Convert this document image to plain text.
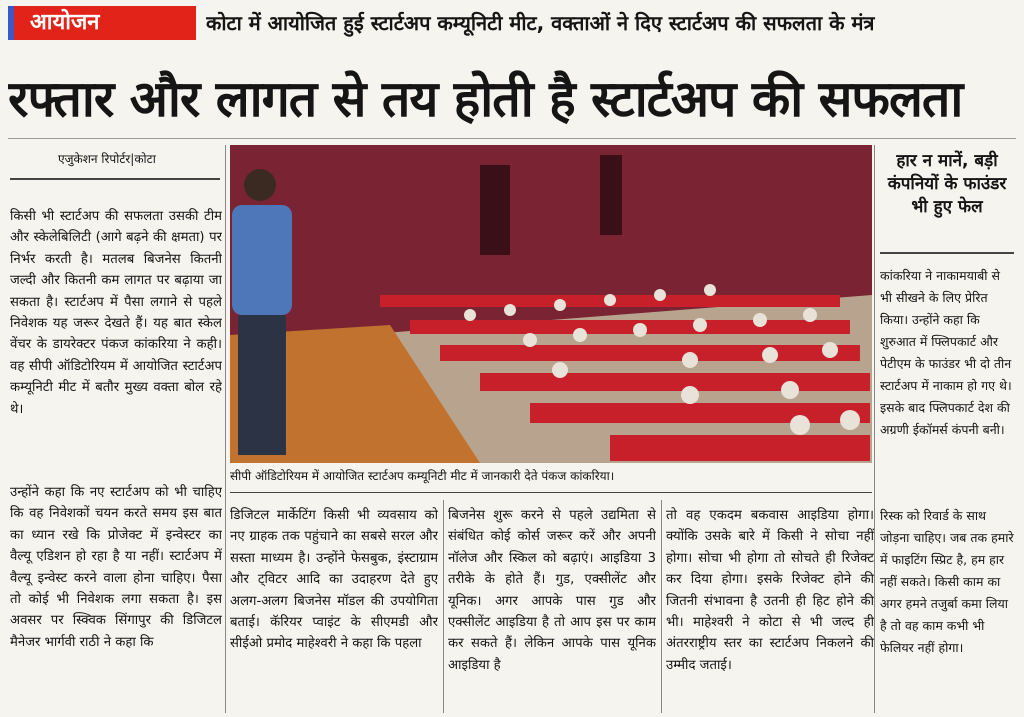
आयोजन	कोटा में आयोजित हुई स्टार्टअप कम्यूनिटी मीट, वक्ताओं ने दिए स्टार्टअप की सफलता के मंत्र
रफ्तार और लागत से तय होती है स्टार्टअप की सफलता
एजुकेशन रिपोर्टर|कोटा
किसी भी स्टार्टअप की सफलता उसकी टीम और स्केलेबिलिटी (आगे बढ़ने की क्षमता) पर निर्भर करती है। मतलब बिजनेस कितनी जल्दी और कितनी कम लागत पर बढ़ाया जा सकता है। स्टार्टअप में पैसा लगाने से पहले निवेशक यह जरूर देखते हैं। यह बात स्केल वेंचर के डायरेक्टर पंकज कांकरिया ने कही। वह सीपी ऑडिटोरियम में आयोजित स्टार्टअप कम्यूनिटी मीट में बतौर मुख्य वक्ता बोल रहे थे।
उन्होंने कहा कि नए स्टार्टअप को भी चाहिए कि वह निवेशकों चयन करते समय इस बात का ध्यान रखे कि प्रोजेक्ट में इन्वेस्टर का वैल्यू एडिशन हो रहा है या नहीं। स्टार्टअप में वैल्यू इन्वेस्ट करने वाला होना चाहिए। पैसा तो कोई भी निवेशक लगा सकता है। इस अवसर पर स्क्विक सिंगापुर की डिजिटल मैनेजर भार्गवी राठी ने कहा कि
सीपी ऑडिटोरियम में आयोजित स्टार्टअप कम्यूनिटी मीट में जानकारी देते पंकज कांकरिया।
डिजिटल मार्केटिंग किसी भी व्यवसाय को नए ग्राहक तक पहुंचाने का सबसे सरल और सस्ता माध्यम है। उन्होंने फेसबुक, इंस्टाग्राम और ट्विटर आदि का उदाहरण देते हुए अलग-अलग बिजनेस मॉडल की उपयोगिता बताई। कॅरियर प्वाइंट के सीएमडी और सीईओ प्रमोद माहेश्वरी ने कहा कि पहला
बिजनेस शुरू करने से पहले उद्यमिता से संबंधित कोई कोर्स जरूर करें और अपनी नॉलेज और स्किल को बढ़ाएं। आइडिया 3 तरीके के होते हैं। गुड, एक्सीलेंट और यूनिक। अगर आपके पास गुड और एक्सीलेंट आइडिया है तो आप इस पर काम कर सकते हैं। लेकिन आपके पास यूनिक आइडिया है
तो वह एकदम बकवास आइडिया होगा। क्योंकि उसके बारे में किसी ने सोचा नहीं होगा। सोचा भी होगा तो सोचते ही रिजेक्ट कर दिया होगा। इसके रिजेक्ट होने की जितनी संभावना है उतनी ही हिट होने की भी। माहेश्वरी ने कोटा से भी जल्द ही अंतरराष्ट्रीय स्तर का स्टार्टअप निकलने की उम्मीद जताई।
हार न मानें, बड़ी कंपनियों के फाउंडर भी हुए फेल
कांकरिया ने नाकामयाबी से भी सीखने के लिए प्रेरित किया। उन्होंने कहा कि शुरुआत में फ्लिपकार्ट और पेटीएम के फाउंडर भी दो तीन स्टार्टअप में नाकाम हो गए थे। इसके बाद फ्लिपकार्ट देश की अग्रणी ईकॉमर्स कंपनी बनी।
रिस्क को रिवार्ड के साथ जोड़ना चाहिए। जब तक हमारे में फाइटिंग स्प्रिट है, हम हार नहीं सकते। किसी काम का अगर हमने तजुर्बा कमा लिया है तो वह काम कभी भी फेलियर नहीं होगा।
